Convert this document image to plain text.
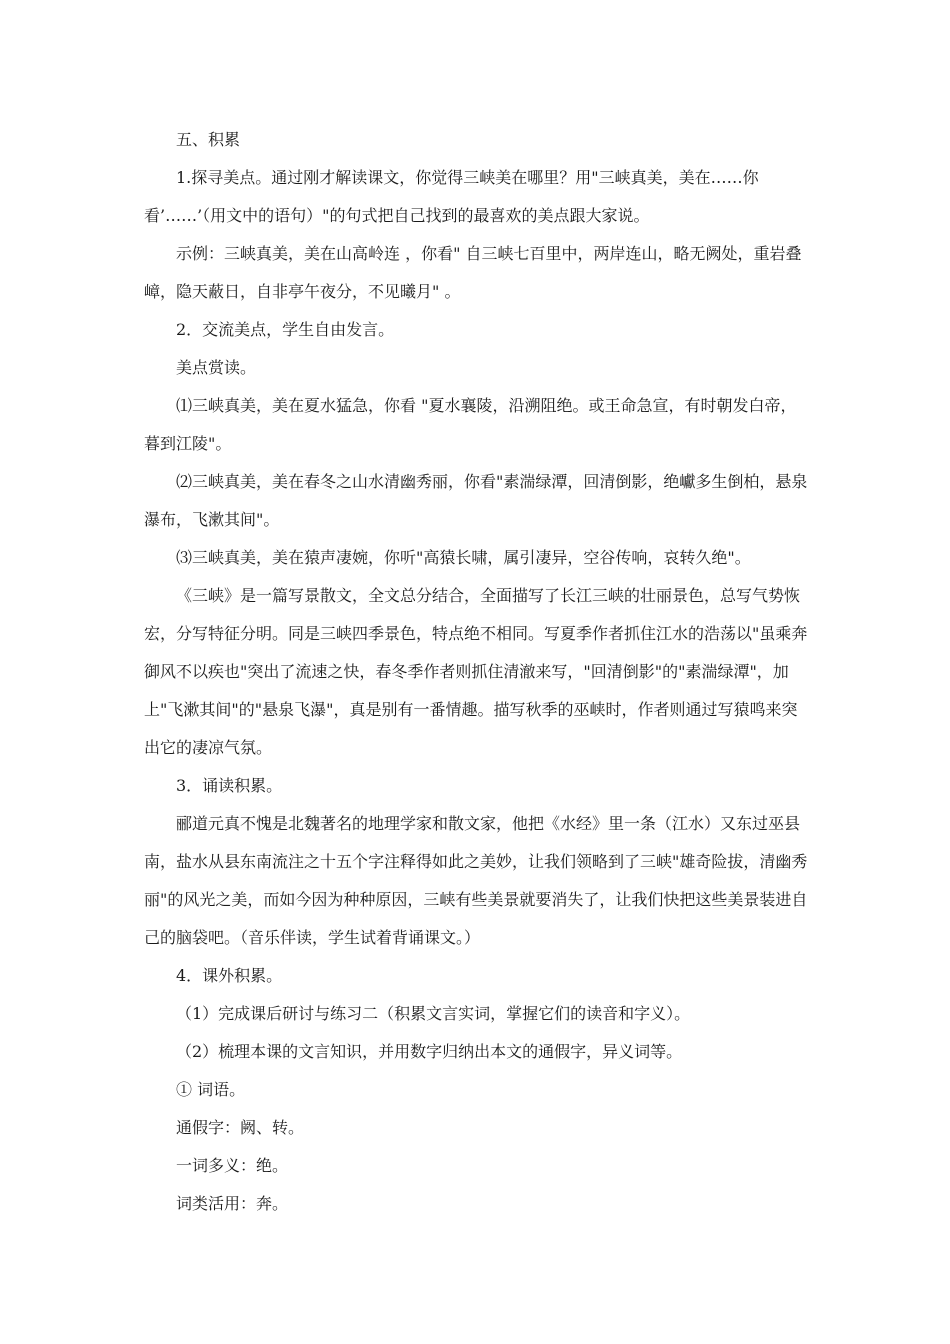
五、积累

1.探寻美点。通过刚才解读课文，你觉得三峡美在哪里？用"三峡真美，美在……你看’……’（用文中的语句）"的句式把自己找到的最喜欢的美点跟大家说。

示例：三峡真美，美在山高岭连 ，你看" 自三峡七百里中，两岸连山，略无阙处，重岩叠嶂，隐天蔽日，自非亭午夜分，不见曦月" 。

2．交流美点，学生自由发言。

美点赏读。

⑴三峡真美，美在夏水猛急，你看 "夏水襄陵，沿溯阻绝。或王命急宣，有时朝发白帝，暮到江陵"。

⑵三峡真美，美在春冬之山水清幽秀丽，你看"素湍绿潭，回清倒影，绝巘多生倒柏，悬泉瀑布，飞漱其间"。

⑶三峡真美，美在猿声凄婉，你听"高猿长啸，属引凄异，空谷传响，哀转久绝"。

《三峡》是一篇写景散文，全文总分结合，全面描写了长江三峡的壮丽景色，总写气势恢宏，分写特征分明。同是三峡四季景色，特点绝不相同。写夏季作者抓住江水的浩荡以"虽乘奔御风不以疾也"突出了流速之快，春冬季作者则抓住清澈来写，"回清倒影"的"素湍绿潭"，加上"飞漱其间"的"悬泉飞瀑"，真是别有一番情趣。描写秋季的巫峡时，作者则通过写猿鸣来突出它的凄凉气氛。

3．诵读积累。

郦道元真不愧是北魏著名的地理学家和散文家，他把《水经》里一条（江水）又东过巫县南，盐水从县东南流注之十五个字注释得如此之美妙，让我们领略到了三峡"雄奇险拔，清幽秀丽"的风光之美，而如今因为种种原因，三峡有些美景就要消失了，让我们快把这些美景装进自己的脑袋吧。（音乐伴读，学生试着背诵课文。）

4．课外积累。

（1）完成课后研讨与练习二（积累文言实词，掌握它们的读音和字义）。

（2）梳理本课的文言知识，并用数字归纳出本文的通假字，异义词等。

① 词语。

通假字：阙、转。

一词多义：绝。

词类活用：奔。
